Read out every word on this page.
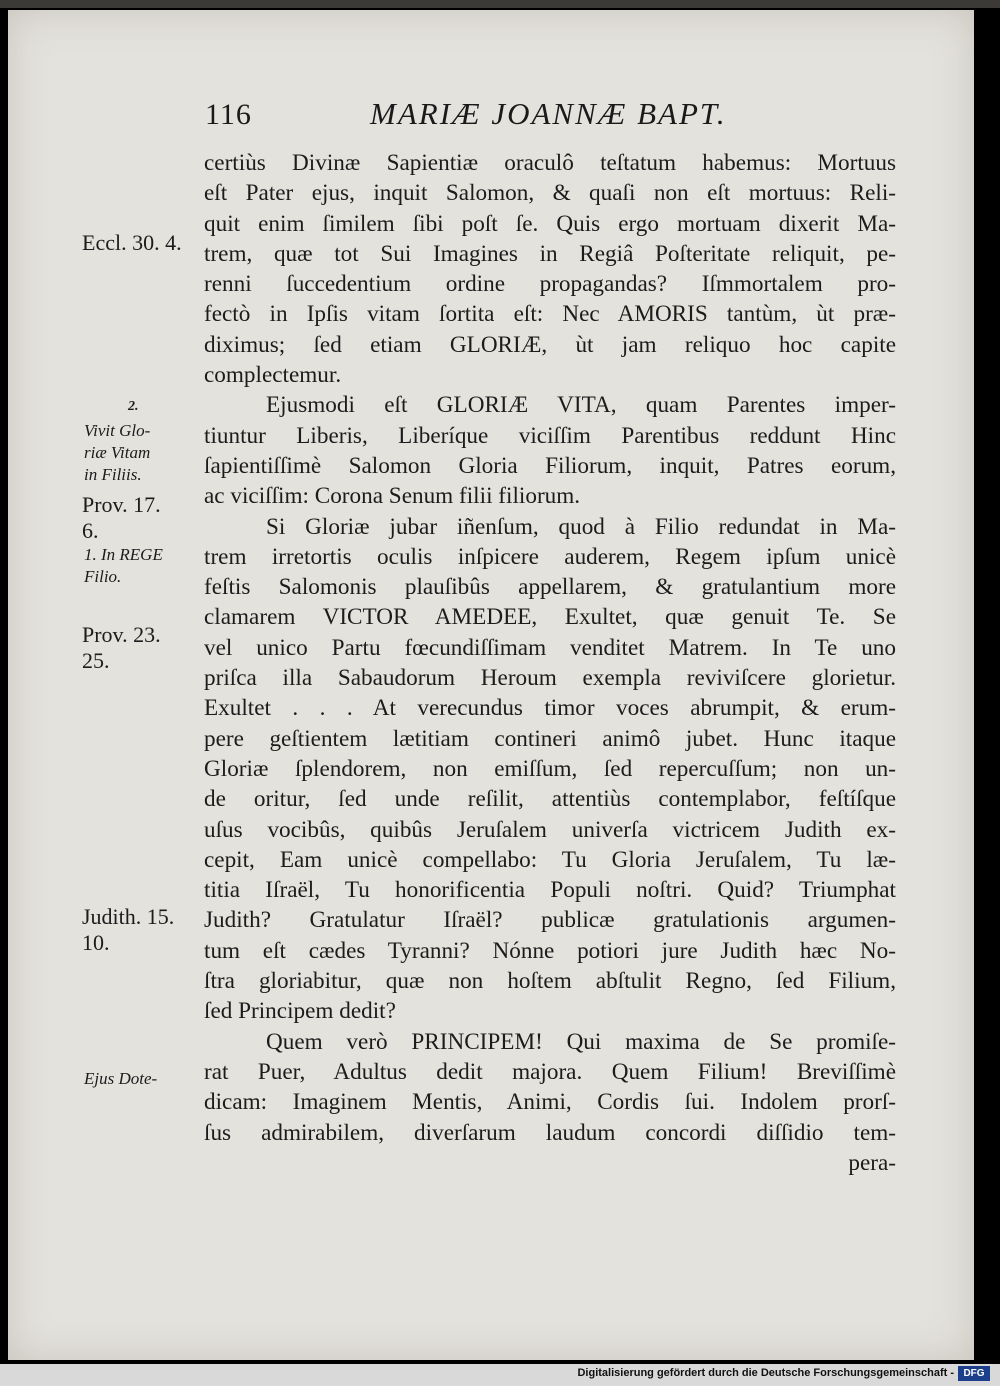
116	MARIÆ JOANNÆ BAPT.
certiùs Divinæ Sapientiæ oraculô teſtatum habemus: Mortuus
eſt Pater ejus, inquit Salomon, & quaſi non eſt mortuus: Reli-
quit enim ſimilem ſibi poſt ſe. Quis ergo mortuam dixerit Ma-
trem, quæ tot Sui Imagines in Regiâ Poſteritate reliquit, pe-
renni ſuccedentium ordine propagandas? Iſmmortalem pro-
fectò in Ipſis vitam ſortita eſt: Nec AMORIS tantùm, ùt præ-
diximus; ſed etiam GLORIÆ, ùt jam reliquo hoc capite
complectemur.
Ejusmodi eſt GLORIÆ VITA, quam Parentes imper-
tiuntur Liberis, Liberíque viciſſim Parentibus reddunt Hinc
ſapientiſſimè Salomon Gloria Filiorum, inquit, Patres eorum,
ac viciſſim: Corona Senum filii filiorum.
Si Gloriæ jubar iñenſum, quod à Filio redundat in Ma-
trem irretortis oculis inſpicere auderem, Regem ipſum unicè
feſtis Salomonis plauſibûs appellarem, & gratulantium more
clamarem VICTOR AMEDEE, Exultet, quæ genuit Te. Se
vel unico Partu fœcundiſſimam venditet Matrem. In Te uno
priſca illa Sabaudorum Heroum exempla reviviſcere glorietur.
Exultet . . . At verecundus timor voces abrumpit, & erum-
pere geſtientem lætitiam contineri animô jubet. Hunc itaque
Gloriæ ſplendorem, non emiſſum, ſed repercuſſum; non un-
de oritur, ſed unde reſilit, attentiùs contemplabor, feſtíſque
uſus vocibûs, quibûs Jeruſalem univerſa victricem Judith ex-
cepit, Eam unicè compellabo: Tu Gloria Jeruſalem, Tu læ-
titia Iſraël, Tu honorificentia Populi noſtri. Quid? Triumphat
Judith? Gratulatur Iſraël? publicæ gratulationis argumen-
tum eſt cædes Tyranni? Nónne potiori jure Judith hæc No-
ſtra gloriabitur, quæ non hoſtem abſtulit Regno, ſed Filium,
ſed Principem dedit?
Quem verò PRINCIPEM! Qui maxima de Se promiſe-
rat Puer, Adultus dedit majora. Quem Filium! Breviſſimè
dicam: Imaginem Mentis, Animi, Cordis ſui. Indolem prorſ-
ſus admirabilem, diverſarum laudum concordi diſſidio tem-
pera-
Eccl. 30. 4.
2.
Vivit Glo-
riæ Vitam
in Filiis.
Prov. 17.
6.
1. In REGE
Filio.
Prov. 23.
25.
Judith. 15.
10.
Ejus Dote-
Digitalisierung gefördert durch die Deutsche Forschungsgemeinschaft - DFG
